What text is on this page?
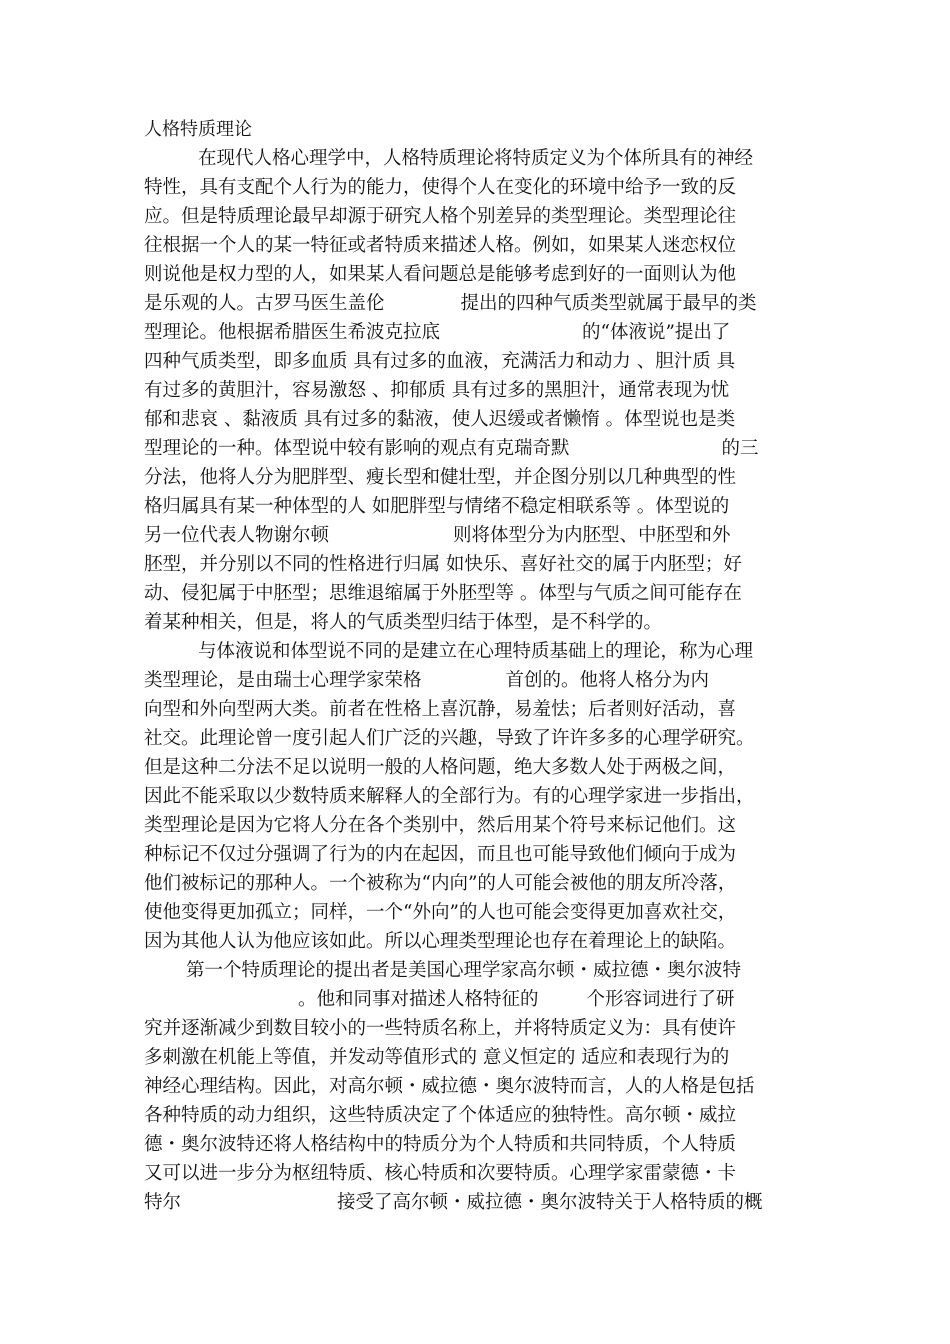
人格特质理论
在现代人格心理学中，人格特质理论将特质定义为个体所具有的神经
特性，具有支配个人行为的能力，使得个人在变化的环境中给予一致的反
应。但是特质理论最早却源于研究人格个别差异的类型理论。类型理论往
往根据一个人的某一特征或者特质来描述人格。例如，如果某人迷恋权位
则说他是权力型的人，如果某人看问题总是能够考虑到好的一面则认为他
是乐观的人。古罗马医生盖伦	提出的四种气质类型就属于最早的类
型理论。他根据希腊医生希波克拉底	的“体液说”提出了
四种气质类型，即多血质 具有过多的血液，充满活力和动力 、胆汁质 具
有过多的黄胆汁，容易激怒 、抑郁质 具有过多的黑胆汁，通常表现为忧
郁和悲哀 、黏液质 具有过多的黏液，使人迟缓或者懒惰 。体型说也是类
型理论的一种。体型说中较有影响的观点有克瑞奇默	的三
分法，他将人分为肥胖型、瘦长型和健壮型，并企图分别以几种典型的性
格归属具有某一种体型的人 如肥胖型与情绪不稳定相联系等 。体型说的
另一位代表人物谢尔顿	则将体型分为内胚型、中胚型和外
胚型，并分别以不同的性格进行归属 如快乐、喜好社交的属于内胚型；好
动、侵犯属于中胚型；思维退缩属于外胚型等 。体型与气质之间可能存在
着某种相关，但是，将人的气质类型归结于体型，是不科学的。
与体液说和体型说不同的是建立在心理特质基础上的理论，称为心理
类型理论，是由瑞士心理学家荣格	首创的。他将人格分为内
向型和外向型两大类。前者在性格上喜沉静，易羞怯；后者则好活动，喜
社交。此理论曾一度引起人们广泛的兴趣，导致了许许多多的心理学研究。
但是这种二分法不足以说明一般的人格问题，绝大多数人处于两极之间，
因此不能采取以少数特质来解释人的全部行为。有的心理学家进一步指出，
类型理论是因为它将人分在各个类别中，然后用某个符号来标记他们。这
种标记不仅过分强调了行为的内在起因，而且也可能导致他们倾向于成为
他们被标记的那种人。一个被称为“内向”的人可能会被他的朋友所冷落，
使他变得更加孤立；同样，一个“外向”的人也可能会变得更加喜欢社交，
因为其他人认为他应该如此。所以心理类型理论也存在着理论上的缺陷。
第一个特质理论的提出者是美国心理学家高尔顿・威拉德・奥尔波特
。他和同事对描述人格特征的	个形容词进行了研
究并逐渐减少到数目较小的一些特质名称上，并将特质定义为：具有使许
多刺激在机能上等值，并发动等值形式的 意义恒定的 适应和表现行为的
神经心理结构。因此，对高尔顿・威拉德・奥尔波特而言，人的人格是包括
各种特质的动力组织，这些特质决定了个体适应的独特性。高尔顿・威拉
德・奥尔波特还将人格结构中的特质分为个人特质和共同特质，个人特质
又可以进一步分为枢纽特质、核心特质和次要特质。心理学家雷蒙德・卡
特尔	接受了高尔顿・威拉德・奥尔波特关于人格特质的概
